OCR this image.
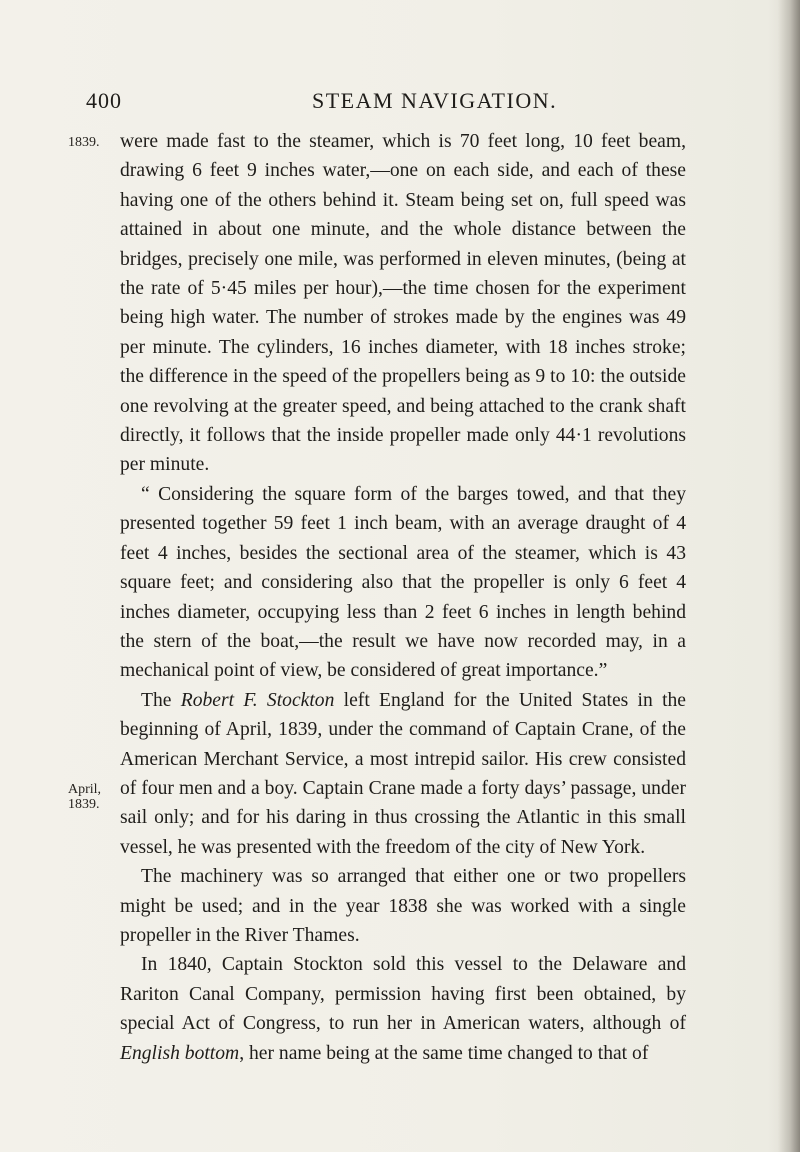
400	STEAM NAVIGATION.
1839.
April,
1839.

were made fast to the steamer, which is 70 feet long, 10 feet beam, drawing 6 feet 9 inches water,—one on each side, and each of these having one of the others behind it. Steam being set on, full speed was attained in about one minute, and the whole distance between the bridges, precisely one mile, was performed in eleven minutes, (being at the rate of 5·45 miles per hour),—the time chosen for the experiment being high water. The number of strokes made by the engines was 49 per minute. The cylinders, 16 inches diameter, with 18 inches stroke; the difference in the speed of the propellers being as 9 to 10: the outside one revolving at the greater speed, and being attached to the crank shaft directly, it follows that the inside propeller made only 44·1 revolutions per minute.

“ Considering the square form of the barges towed, and that they presented together 59 feet 1 inch beam, with an average draught of 4 feet 4 inches, besides the sectional area of the steamer, which is 43 square feet; and considering also that the propeller is only 6 feet 4 inches diameter, occupying less than 2 feet 6 inches in length behind the stern of the boat,—the result we have now recorded may, in a mechanical point of view, be considered of great importance.”

The Robert F. Stockton left England for the United States in the beginning of April, 1839, under the command of Captain Crane, of the American Merchant Service, a most intrepid sailor. His crew consisted of four men and a boy. Captain Crane made a forty days’ passage, under sail only; and for his daring in thus crossing the Atlantic in this small vessel, he was presented with the freedom of the city of New York.

The machinery was so arranged that either one or two propellers might be used; and in the year 1838 she was worked with a single propeller in the River Thames.

In 1840, Captain Stockton sold this vessel to the Delaware and Rariton Canal Company, permission having first been obtained, by special Act of Congress, to run her in American waters, although of English bottom, her name being at the same time changed to that of
